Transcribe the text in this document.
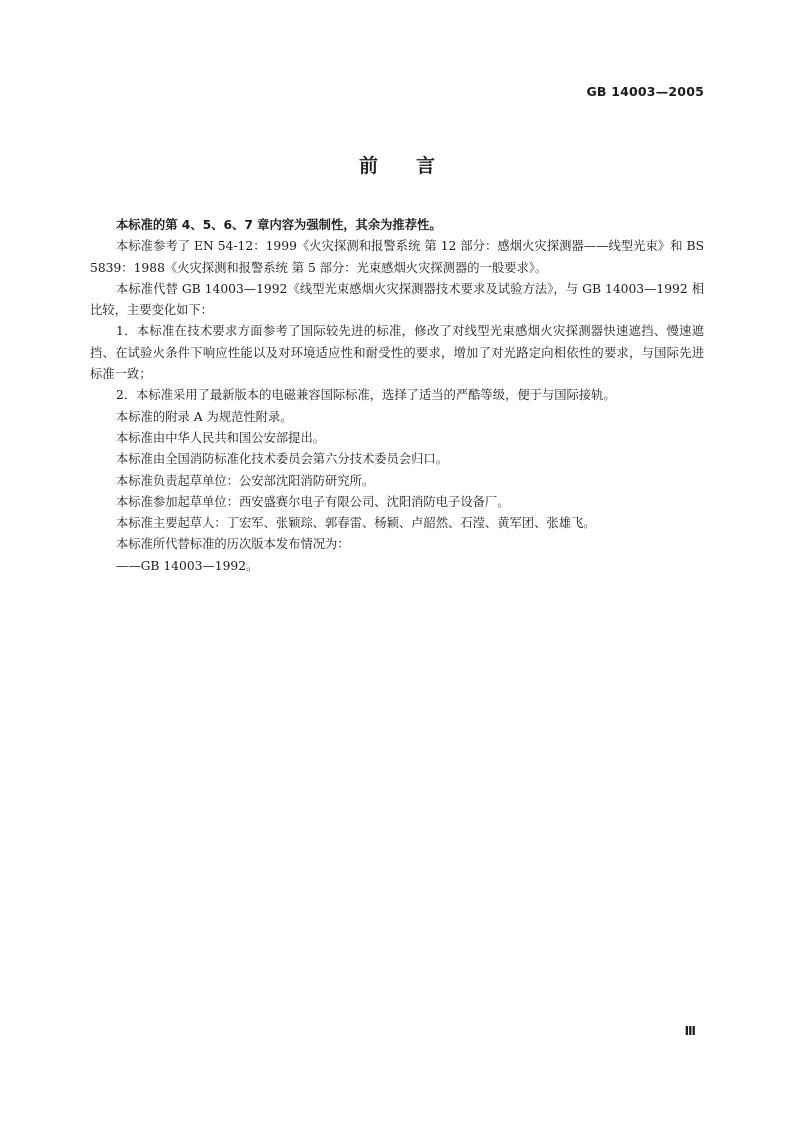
GB 14003—2005
前言

本标准的第 4、5、6、7 章内容为强制性，其余为推荐性。

本标准参考了 EN 54-12：1999《火灾探测和报警系统 第 12 部分：感烟火灾探测器——线型光束》和 BS 5839：1988《火灾探测和报警系统 第 5 部分：光束感烟火灾探测器的一般要求》。

本标准代替 GB 14003—1992《线型光束感烟火灾探测器技术要求及试验方法》，与 GB 14003—1992 相比较，主要变化如下：

1．本标准在技术要求方面参考了国际较先进的标准，修改了对线型光束感烟火灾探测器快速遮挡、慢速遮挡、在试验火条件下响应性能以及对环境适应性和耐受性的要求，增加了对光路定向相依性的要求，与国际先进标准一致；

2．本标准采用了最新版本的电磁兼容国际标准，选择了适当的严酷等级，便于与国际接轨。

本标准的附录 A 为规范性附录。

本标准由中华人民共和国公安部提出。

本标准由全国消防标准化技术委员会第六分技术委员会归口。

本标准负责起草单位：公安部沈阳消防研究所。

本标准参加起草单位：西安盛赛尔电子有限公司、沈阳消防电子设备厂。

本标准主要起草人：丁宏军、张颖琮、郭春雷、杨颖、卢韶然、石滢、黄军团、张雄飞。

本标准所代替标准的历次版本发布情况为：

——GB 14003—1992。

Ⅲ
